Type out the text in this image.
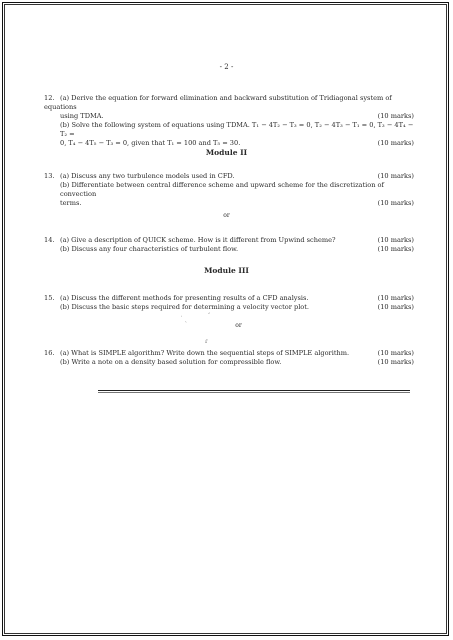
- 2 -
12. (a) Derive the equation for forward elimination and backward substitution of Tridiagonal system of equations
using TDMA.	(10 marks)
(b) Solve the following system of equations using TDMA. T₁ − 4T₂ − T₃ = 0, T₂ − 4T₃ − T₁ = 0, T₃ − 4T₄ − T₂ =
0, T₄ − 4T₅ − T₃ = 0, given that T₁ = 100 and T₅ = 30.	(10 marks)
Module II
13. (a) Discuss any two turbulence models used in CFD.	(10 marks)
(b) Differentiate between central difference scheme and upward scheme for the discretization of convection
terms.	(10 marks)
or
14. (a) Give a description of QUICK scheme. How is it different from Upwind scheme?	(10 marks)
(b) Discuss any four characteristics of turbulent flow.	(10 marks)
Module III
15. (a) Discuss the different methods for presenting results of a CFD analysis.	(10 marks)
(b) Discuss the basic steps required for determining a velocity vector plot.	(10 marks)
˙ ˏ
ʻ
ɾ
or
16. (a) What is SIMPLE algorithm? Write down the sequential steps of SIMPLE algorithm.	(10 marks)
(b) Write a note on a density based solution for compressible flow.	(10 marks)
